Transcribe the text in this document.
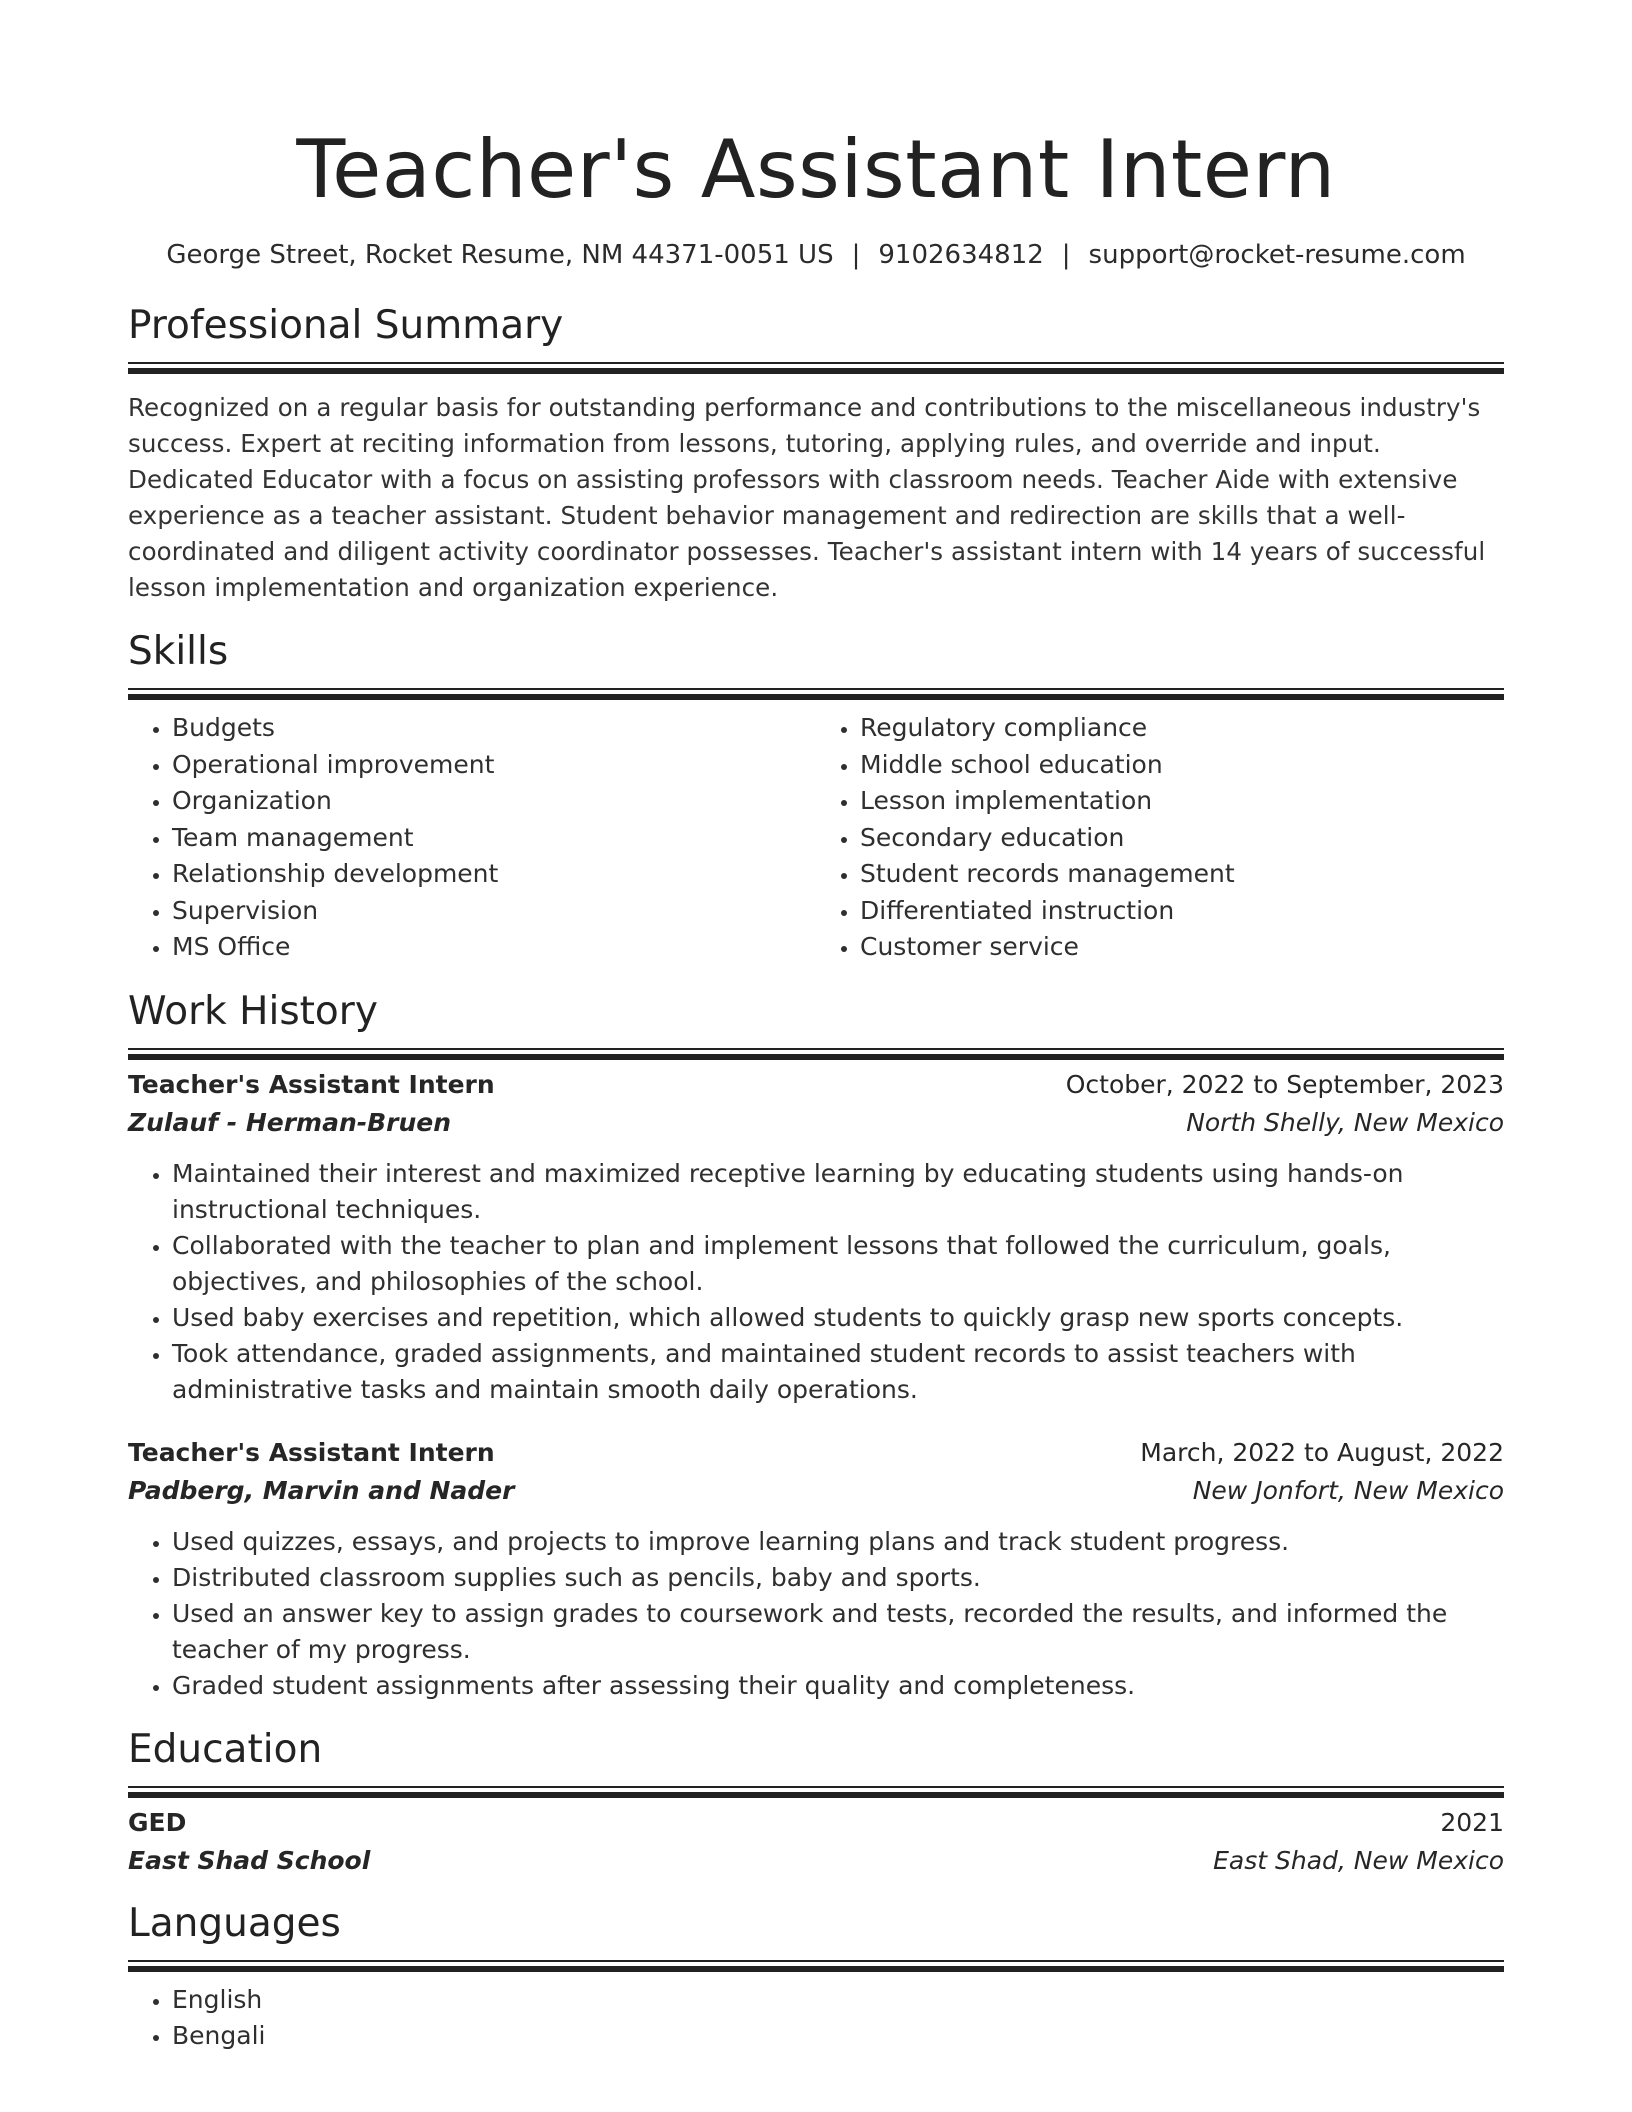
Teacher's Assistant Intern
George Street, Rocket Resume, NM 44371-0051 US | 9102634812 | support@rocket-resume.com
Professional Summary
Recognized on a regular basis for outstanding performance and contributions to the miscellaneous industry's success. Expert at reciting information from lessons, tutoring, applying rules, and override and input. Dedicated Educator with a focus on assisting professors with classroom needs. Teacher Aide with extensive experience as a teacher assistant. Student behavior management and redirection are skills that a well-coordinated and diligent activity coordinator possesses. Teacher's assistant intern with 14 years of successful lesson implementation and organization experience.
Skills
• Budgets
• Operational improvement
• Organization
• Team management
• Relationship development
• Supervision
• MS Office
• Regulatory compliance
• Middle school education
• Lesson implementation
• Secondary education
• Student records management
• Differentiated instruction
• Customer service
Work History
Teacher's Assistant Intern	October, 2022 to September, 2023
Zulauf - Herman-Bruen	North Shelly, New Mexico
• Maintained their interest and maximized receptive learning by educating students using hands-on instructional techniques.
• Collaborated with the teacher to plan and implement lessons that followed the curriculum, goals, objectives, and philosophies of the school.
• Used baby exercises and repetition, which allowed students to quickly grasp new sports concepts.
• Took attendance, graded assignments, and maintained student records to assist teachers with administrative tasks and maintain smooth daily operations.
Teacher's Assistant Intern	March, 2022 to August, 2022
Padberg, Marvin and Nader	New Jonfort, New Mexico
• Used quizzes, essays, and projects to improve learning plans and track student progress.
• Distributed classroom supplies such as pencils, baby and sports.
• Used an answer key to assign grades to coursework and tests, recorded the results, and informed the teacher of my progress.
• Graded student assignments after assessing their quality and completeness.
Education
GED	2021
East Shad School	East Shad, New Mexico
Languages
• English
• Bengali
